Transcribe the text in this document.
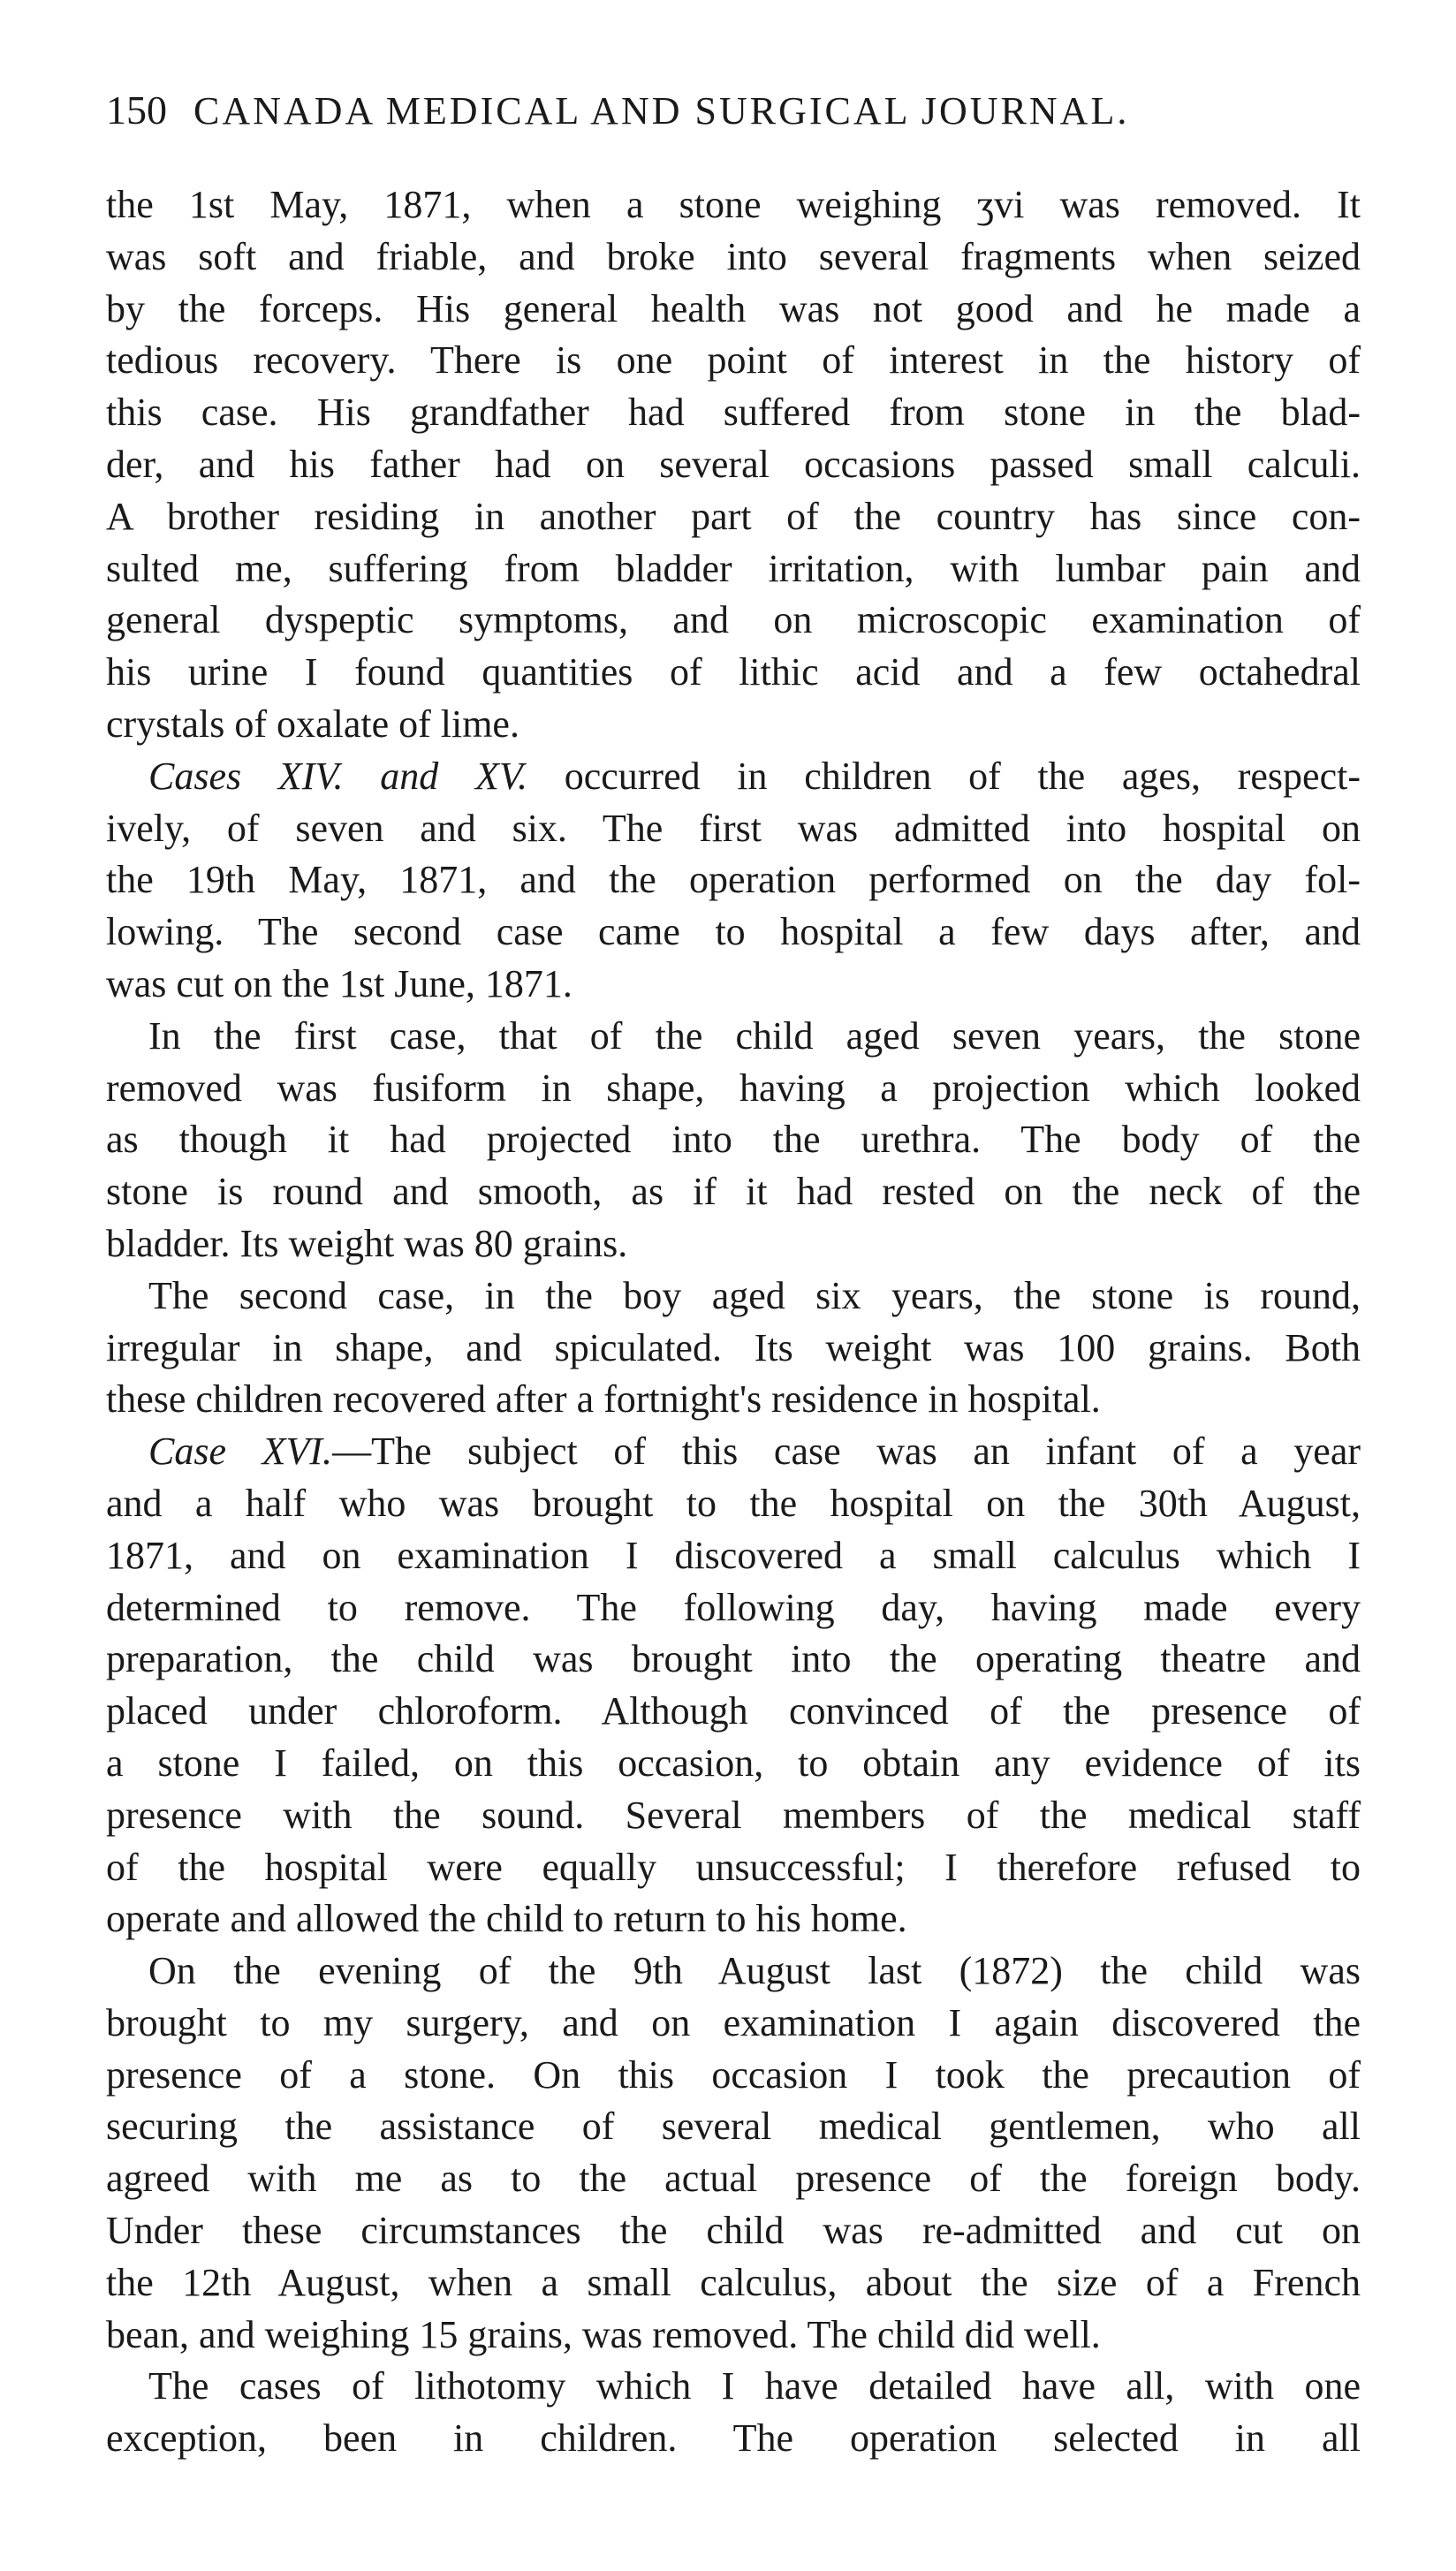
150 CANADA MEDICAL AND SURGICAL JOURNAL.

the 1st May, 1871, when a stone weighing ʒvi was removed. It
was soft and friable, and broke into several fragments when seized
by the forceps. His general health was not good and he made a
tedious recovery. There is one point of interest in the history of
this case. His grandfather had suffered from stone in the blad-
der, and his father had on several occasions passed small calculi.
A brother residing in another part of the country has since con-
sulted me, suffering from bladder irritation, with lumbar pain and
general dyspeptic symptoms, and on microscopic examination of
his urine I found quantities of lithic acid and a few octahedral
crystals of oxalate of lime.

Cases XIV. and XV. occurred in children of the ages, respect-
ively, of seven and six. The first was admitted into hospital on
the 19th May, 1871, and the operation performed on the day fol-
lowing. The second case came to hospital a few days after, and
was cut on the 1st June, 1871.

In the first case, that of the child aged seven years, the stone
removed was fusiform in shape, having a projection which looked
as though it had projected into the urethra. The body of the
stone is round and smooth, as if it had rested on the neck of the
bladder. Its weight was 80 grains.

The second case, in the boy aged six years, the stone is round,
irregular in shape, and spiculated. Its weight was 100 grains. Both
these children recovered after a fortnight's residence in hospital.

Case XVI.—The subject of this case was an infant of a year
and a half who was brought to the hospital on the 30th August,
1871, and on examination I discovered a small calculus which I
determined to remove. The following day, having made every
preparation, the child was brought into the operating theatre and
placed under chloroform. Although convinced of the presence of
a stone I failed, on this occasion, to obtain any evidence of its
presence with the sound. Several members of the medical staff
of the hospital were equally unsuccessful; I therefore refused to
operate and allowed the child to return to his home.

On the evening of the 9th August last (1872) the child was
brought to my surgery, and on examination I again discovered the
presence of a stone. On this occasion I took the precaution of
securing the assistance of several medical gentlemen, who all
agreed with me as to the actual presence of the foreign body.
Under these circumstances the child was re-admitted and cut on
the 12th August, when a small calculus, about the size of a French
bean, and weighing 15 grains, was removed. The child did well.

The cases of lithotomy which I have detailed have all, with one
exception, been in children. The operation selected in all
